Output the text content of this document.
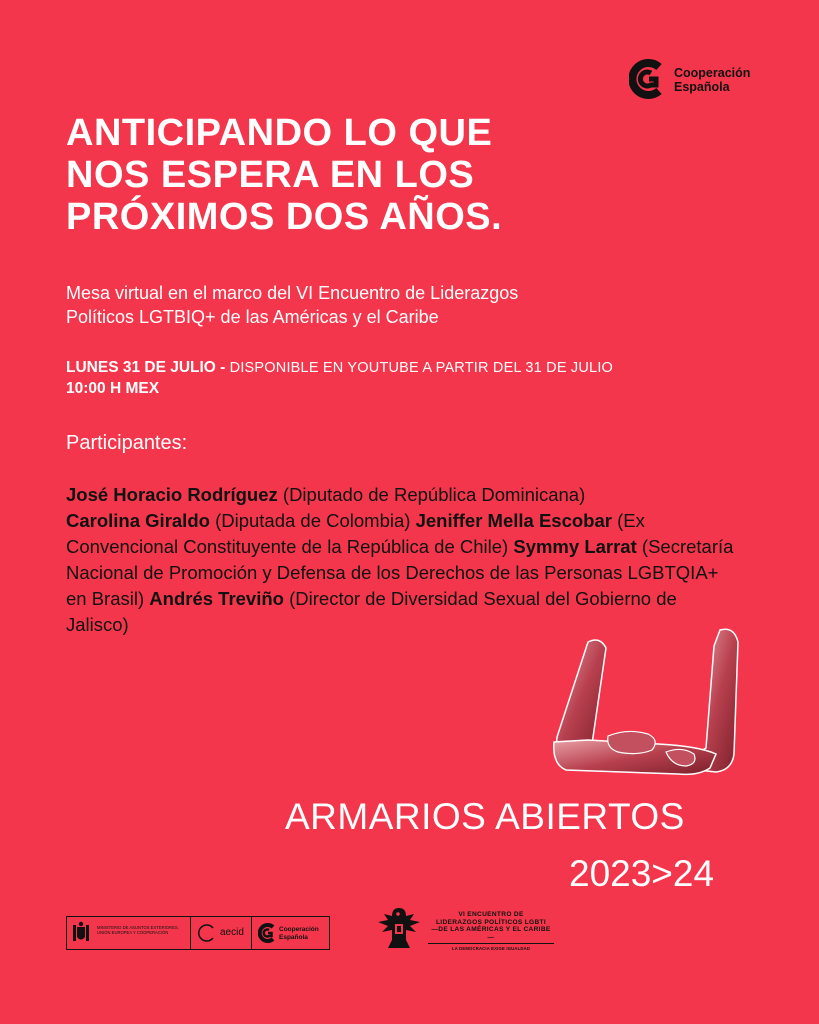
Cooperación
Española
ANTICIPANDO LO QUE
NOS ESPERA EN LOS
PRÓXIMOS DOS AÑOS.
Mesa virtual en el marco del VI Encuentro de Liderazgos
Políticos LGTBIQ+ de las Américas y el Caribe
LUNES 31 DE JULIO - DISPONIBLE EN YOUTUBE A PARTIR DEL 31 DE JULIO
10:00 H MEX
Participantes:
José Horacio Rodríguez (Diputado de República Dominicana)
Carolina Giraldo (Diputada de Colombia) Jeniffer Mella Escobar (Ex Convencional Constituyente de la República de Chile) Symmy Larrat (Secretaría Nacional de Promoción y Defensa de los Derechos de las Personas LGBTQIA+ en Brasil) Andrés Treviño (Director de Diversidad Sexual del Gobierno de Jalisco)
ARMARIOS ABIERTOS
2023>24
MINISTERIO DE ASUNTOS EXTERIORES, UNIÓN EUROPEA Y COOPERACIÓN	aecid	Cooperación
Española
VI ENCUENTRO DE
LIDERAZGOS POLÍTICOS LGBTI
—DE LAS AMÉRICAS Y EL CARIBE—
LA DEMOCRACIA EXIGE IGUALDAD
